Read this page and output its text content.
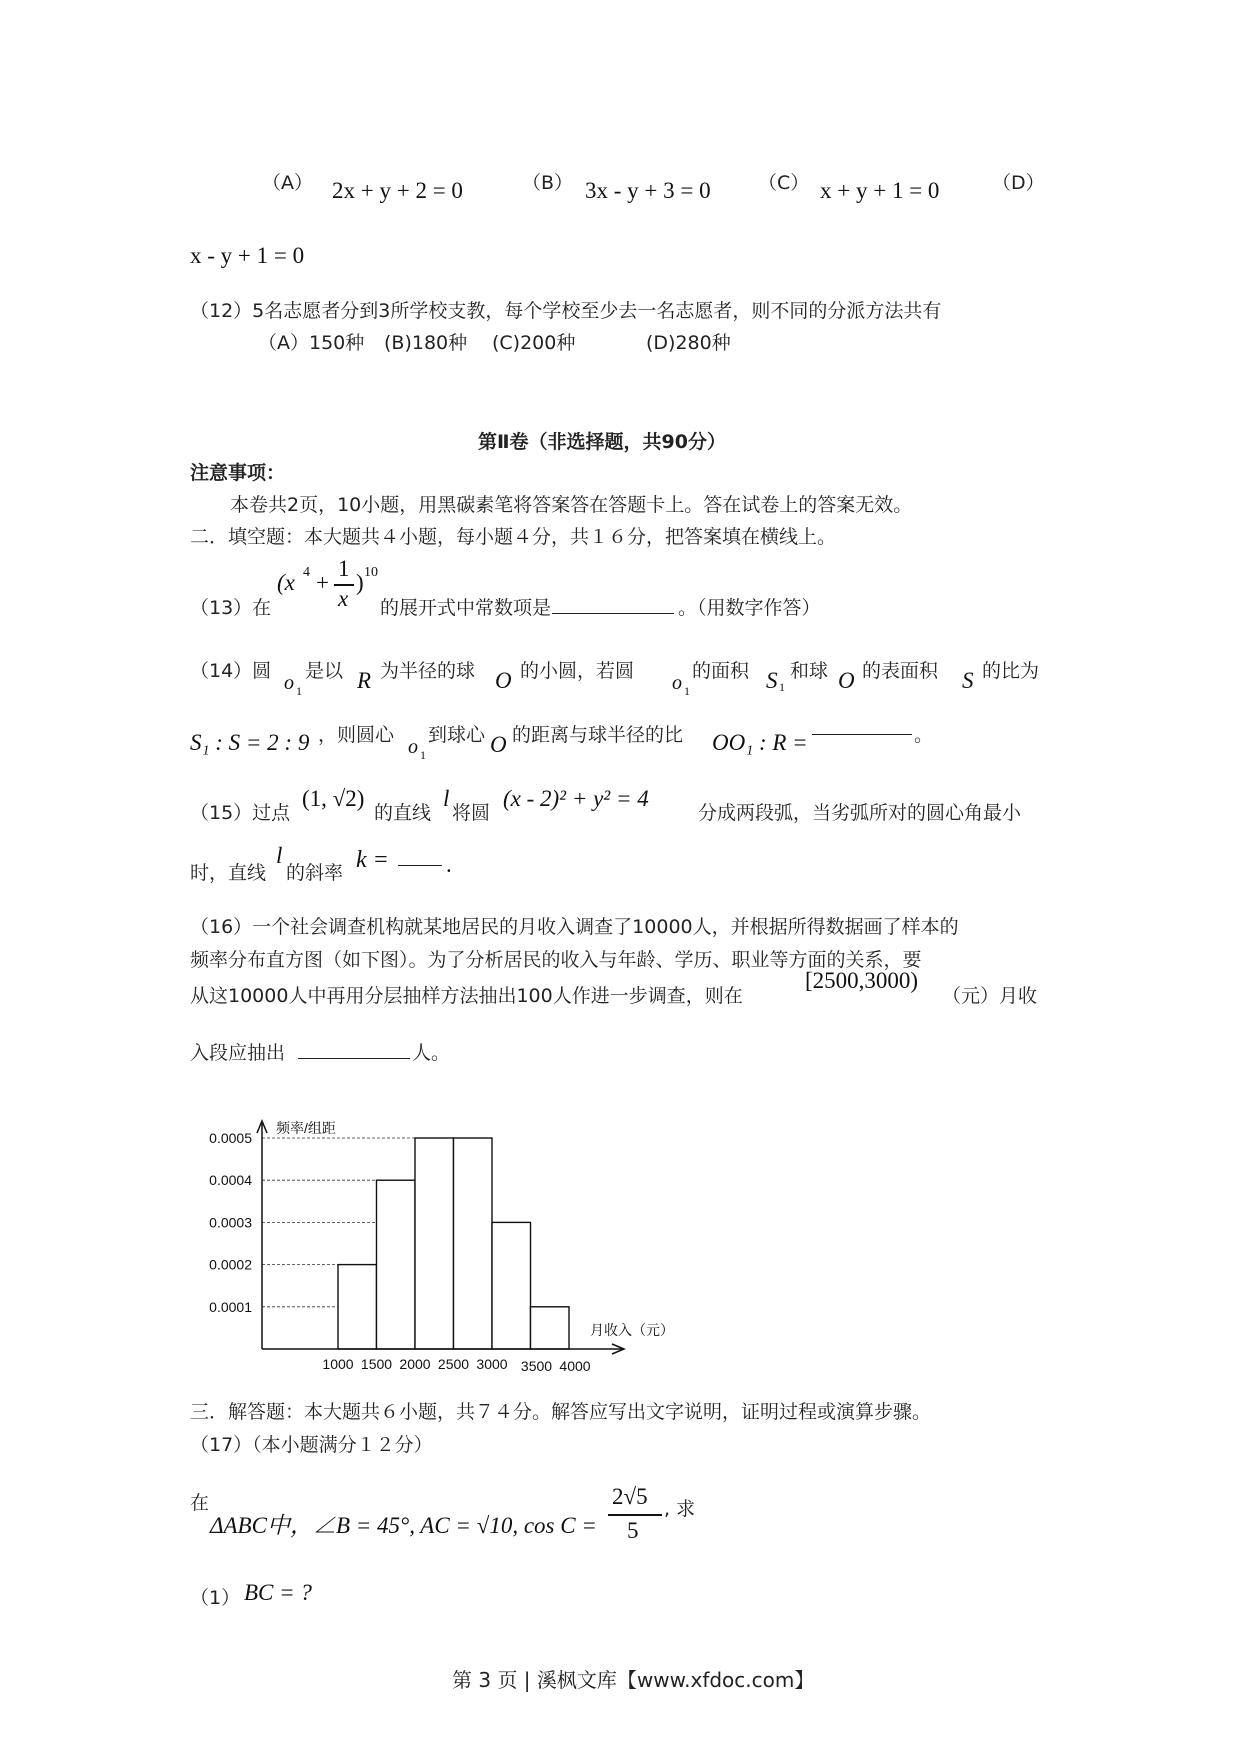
（A） 2x + y + 2 = 0	（B） 3x - y + 3 = 0 （C） x + y + 1 = 0	（D）
x - y + 1 = 0
（12）5名志愿者分到3所学校支教，每个学校至少去一名志愿者，则不同的分派方法共有
（A）150种 (B)180种 (C)200种	(D)280种
第Ⅱ卷（非选择题，共90分）
注意事项：
本卷共2页，10小题，用黑碳素笔将答案答在答题卡上。答在试卷上的答案无效。
二．填空题：本大题共４小题，每小题４分，共１６分，把答案填在横线上。
（13）在
(x 4 +
1
x
) 10
的展开式中常数项是	。（用数字作答）
（14）圆
o 1
是以 R 为半径的球 O 的小圆，若圆
o 1
的面积 S 1
和球 O 的表面积 S 的比为
S₁ : S = 2 : 9 ，则圆心
o 1
到球心 O 的距离与球半径的比 OO₁ : R =	。
（15）过点
(1, √2)
的直线
l
将圆
(x - 2)² + y² = 4
分成两段弧，当劣弧所对的圆心角最小
时，直线
l
的斜率 k = .
（16）一个社会调查机构就某地居民的月收入调查了10000人，并根据所得数据画了样本的
频率分布直方图（如下图）。为了分析居民的收入与年龄、学历、职业等方面的关系，要
从这10000人中再用分层抽样方法抽出100人作进一步调查，则在
[2500,3000)
（元）月收
入段应抽出	人。
0.0001
0.0002
0.0003
0.0004
0.0005
1000 1500 2000 2500 3000 3500 4000
频率/组距
月收入（元）
三．解答题：本大题共６小题，共７４分。解答应写出文字说明，证明过程或演算步骤。
（17）（本小题满分１２分）
在
ΔABC中，∠B = 45°, AC = √10, cos C =
2√5
5
, 求
（1） BC = ?
第 3 页 | 溪枫文库【www.xfdoc.com】
